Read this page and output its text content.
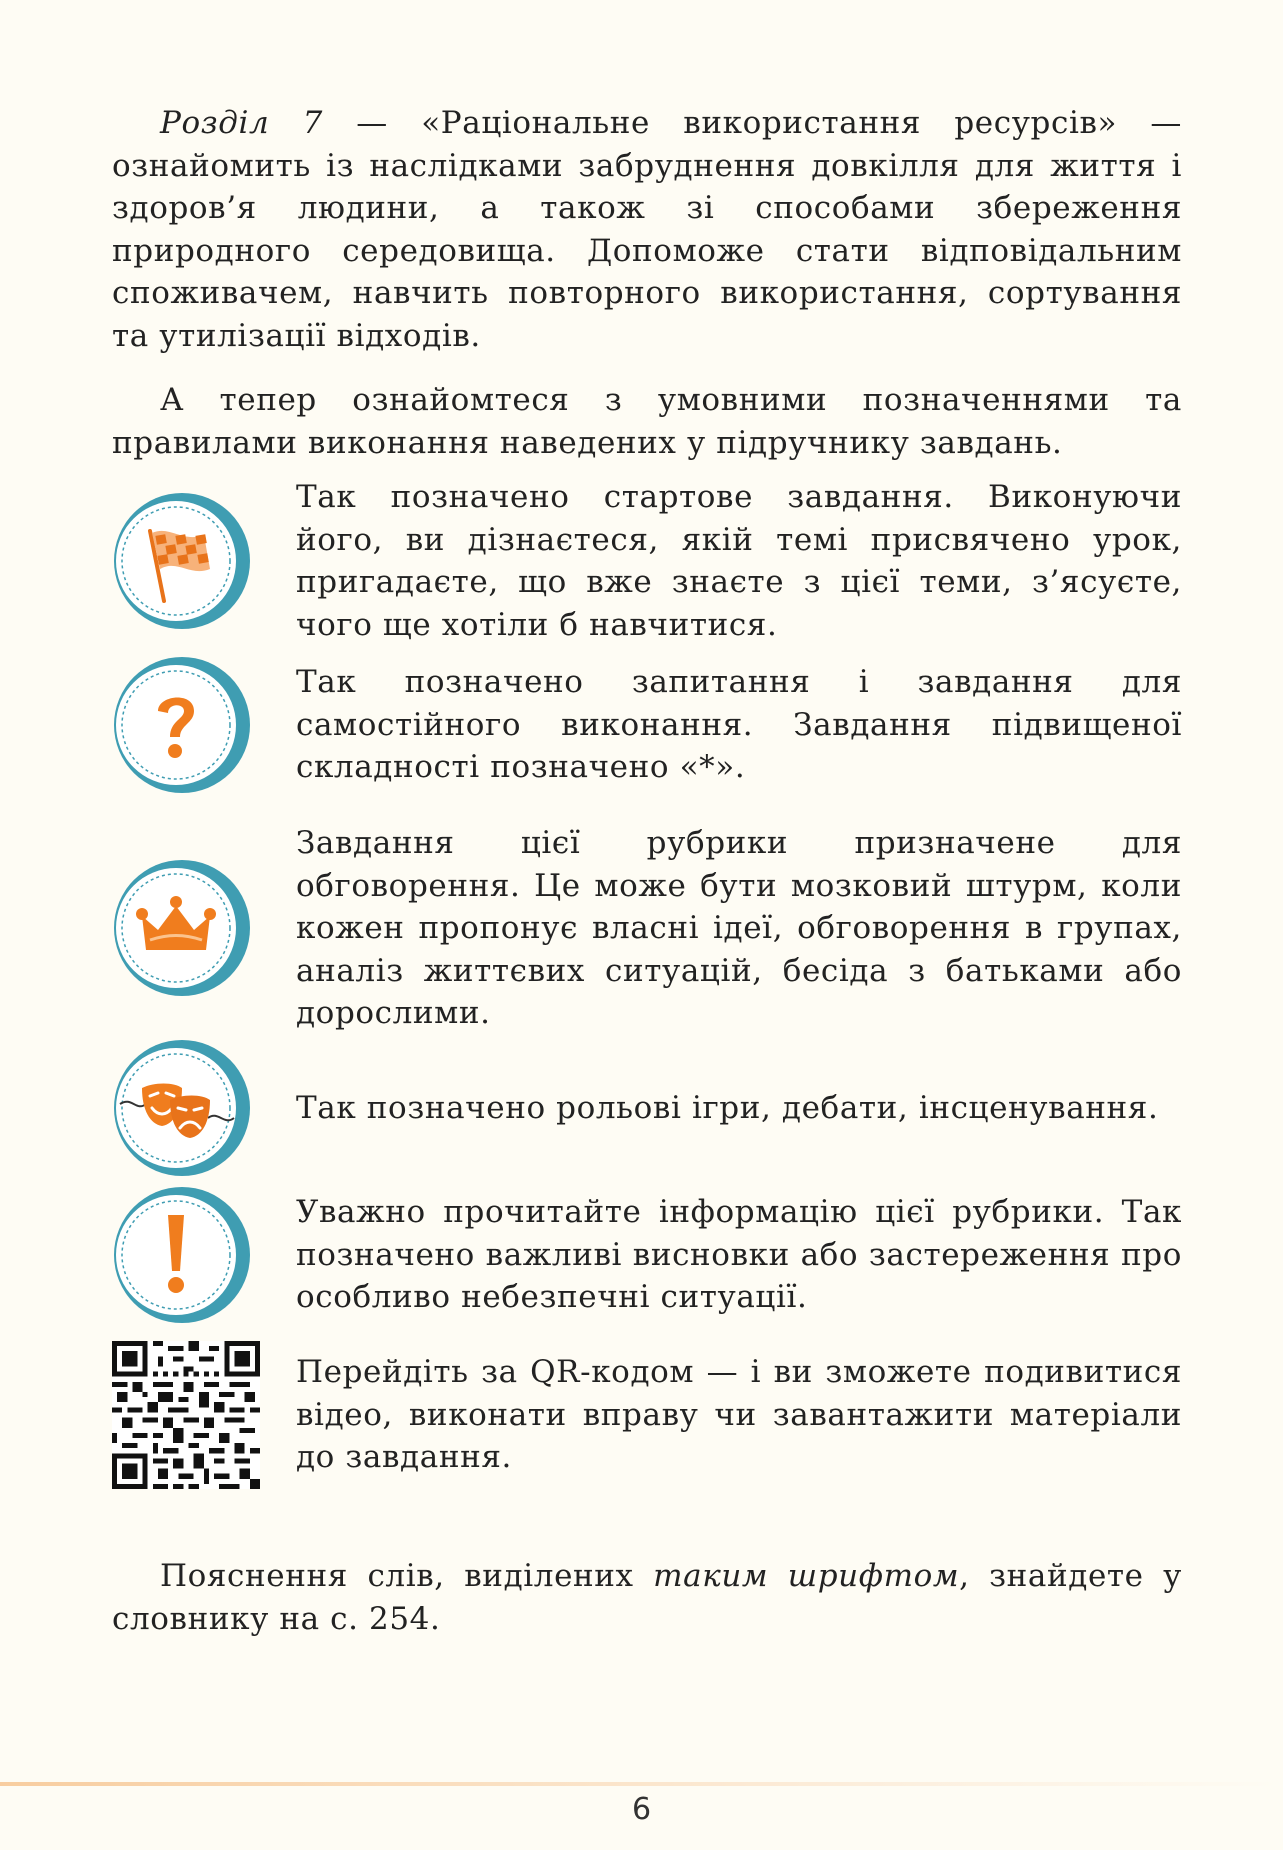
Розділ 7 — «Раціональне використання ресурсів» — ознайомить із наслідками забруднення довкілля для життя і здоров’я людини, а також зі способами збереження природного середовища. Допоможе стати відповідальним споживачем, навчить повторного використання, сортування та утилізації відходів.

А тепер ознайомтеся з умовними позначеннями та правилами виконання наведених у підручнику завдань.

Так позначено стартове завдання. Виконуючи його, ви дізнаєтеся, якій темі присвячено урок, пригадаєте, що вже знаєте з цієї теми, з’ясуєте, чого ще хотіли б навчитися.
Так позначено запитання і завдання для самостійного виконання. Завдання підвищеної складності позначено «*».
Завдання цієї рубрики призначене для обговорення. Це може бути мозковий штурм, коли кожен пропонує власні ідеї, обговорення в групах, аналіз життєвих ситуацій, бесіда з батьками або дорослими.
Так позначено рольові ігри, дебати, інсценування.
Уважно прочитайте інформацію цієї рубрики. Так позначено важливі висновки або застереження про особливо небезпечні ситуації.
Перейдіть за QR-кодом — і ви зможете подивитися відео, виконати вправу чи завантажити матеріали до завдання.

Пояснення слів, виділених таким шрифтом, знайдете у словнику на с. 254.

6
